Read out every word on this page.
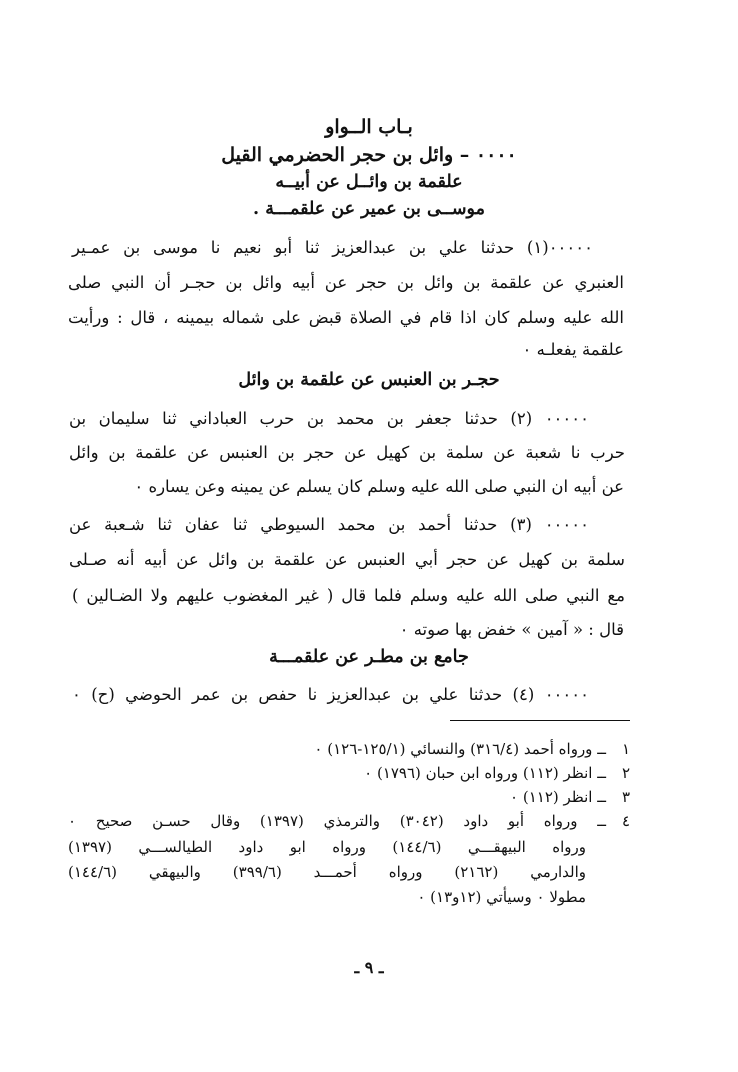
بـاب الــواو
٠٠٠٠ – وائل بن حجر الحضرمي القيل
علقمة بن وائــل عن أبيــه
موســى بن عمير عن علقمـــة .
٠٠٠٠٠(١) حدثنا علي بن عبدالعزيز ثنا أبو نعيم نا موسى بن عمـير
العنبري عن علقمة بن وائل بن حجر عن أبيه وائل بن حجـر أن النبي صلى
الله عليه وسلم كان اذا قام في الصلاة قبض على شماله بيمينه ، قال : ورأيت
علقمة يفعلـه ٠
حجـر بن العنبس عن علقمة بن وائل
٠٠٠٠٠ (٢) حدثنا جعفر بن محمد بن حرب العباداني ثنا سليمان بن
حرب نا شعبة عن سلمة بن كهيل عن حجر بن العنبس عن علقمة بن وائل
عن أبيه ان النبي صلى الله عليه وسلم كان يسلم عن يمينه وعن يساره ٠
٠٠٠٠٠ (٣) حدثنا أحمد بن محمد السيوطي ثنا عفان ثنا شـعبة عن
سلمة بن كهيل عن حجر أبي العنبس عن علقمة بن وائل عن أبيه أنه صـلى
مع النبي صلى الله عليه وسلم فلما قال ( غير المغضوب عليهم ولا الضـالين )
قال : « آمين » خفض بها صوته ٠
جامع بن مطـر عن علقمـــة
٠٠٠٠٠ (٤) حدثنا علي بن عبدالعزيز نا حفص بن عمر الحوضي (ح) ٠
١
ــ ورواه أحمد (٣١٦/٤) والنسائي (١٢٥/١-١٢٦) ٠
٢
ــ انظر (١١٢) ورواه ابن حبان (١٧٩٦) ٠
٣
ــ انظر (١١٢) ٠
٤
ــ ورواه أبو داود (٣٠٤٢) والترمذي (١٣٩٧) وقال حسـن صحيح ٠
ورواه البيهقـــي (١٤٤/٦) ورواه ابو داود الطيالســـي (١٣٩٧)
والدارمي (٢١٦٢) ورواه أحمـــد (٣٩٩/٦) والبيهقي (١٤٤/٦)
مطولا ٠ وسيأتي (١٢و١٣) ٠
ـ ٩ ـ
